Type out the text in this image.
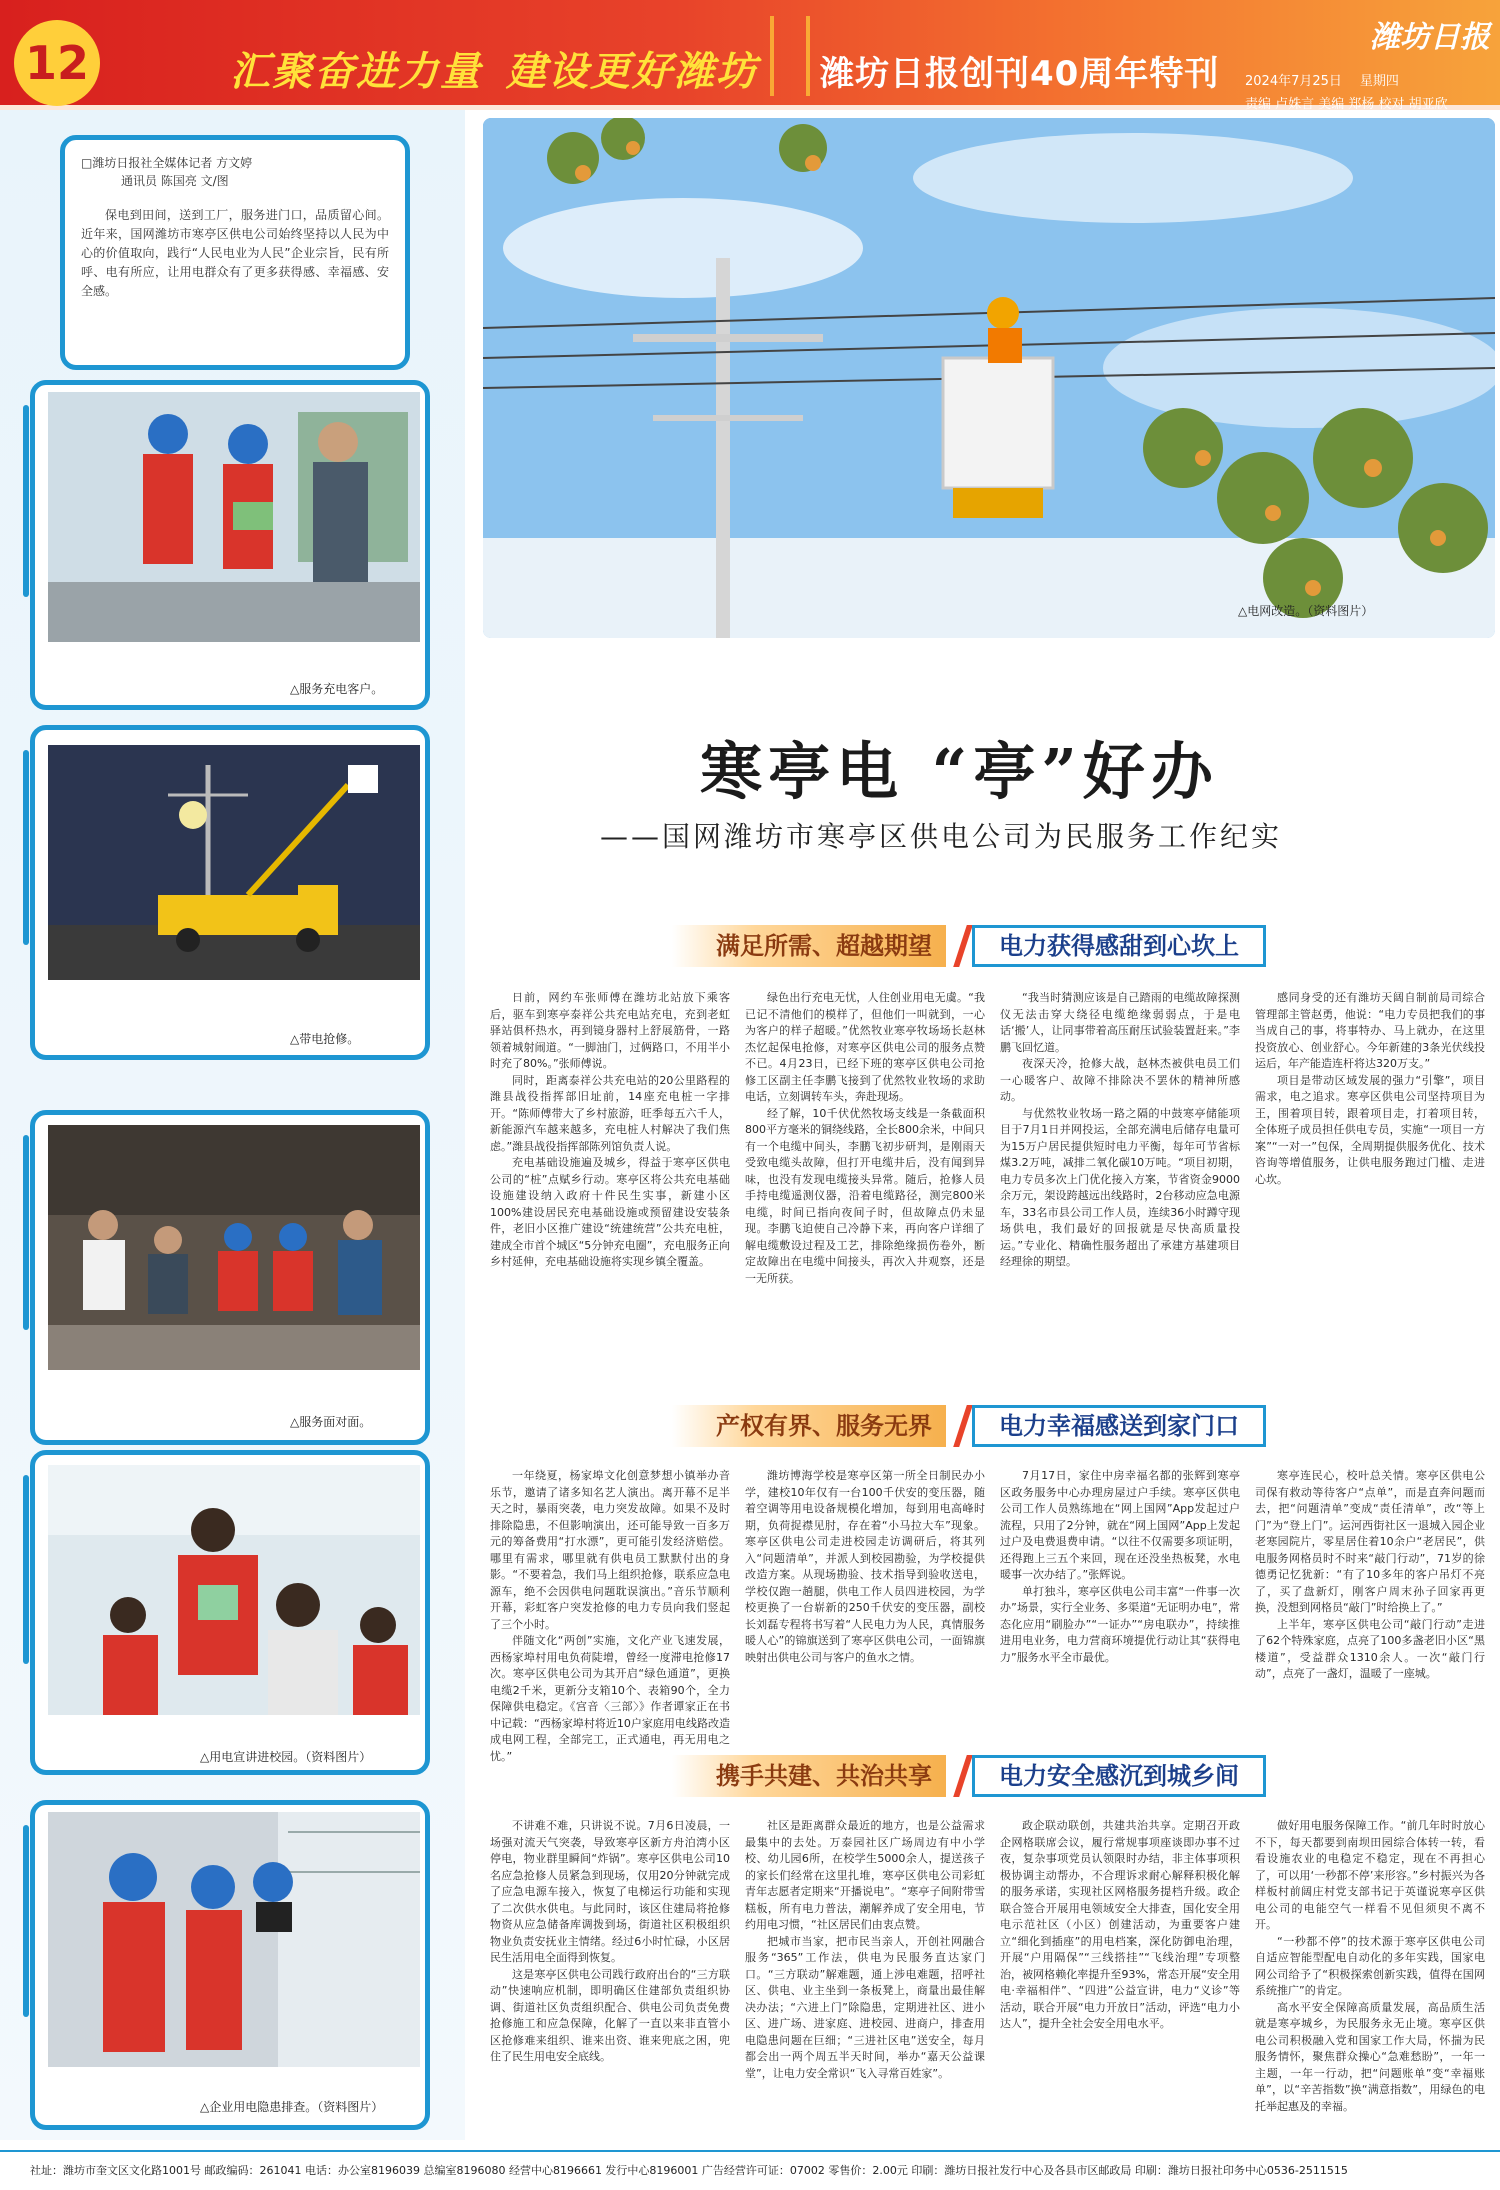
12	汇聚奋进力量 建设更好潍坊 潍坊日报创刊40周年特刊
潍坊日报
2024年7月25日 星期四
责编 卢姝言 美编 郑杨 校对 胡亚欣
□潍坊日报社全媒体记者 方文婷
通讯员 陈国亮 文/图
保电到田间，送到工厂，服务进门口，品质留心间。近年来，国网潍坊市寒亭区供电公司始终坚持以人民为中心的价值取向，践行“人民电业为人民”企业宗旨，民有所呼、电有所应，让用电群众有了更多获得感、幸福感、安全感。
△服务充电客户。
△带电抢修。
△服务面对面。
△用电宣讲进校园。（资料图片）
△企业用电隐患排查。（资料图片）
△电网改造。（资料图片）
寒亭电 “亭”好办
——国网潍坊市寒亭区供电公司为民服务工作纪实
满足所需、超越期望	电力获得感甜到心坎上

日前，网约车张师傅在潍坊北站放下乘客后，驱车到寒亭泰祥公共充电站充电，充到老虹驿站俱杯热水，再到镜身器村上舒展筋骨，一路领着城射闹道。“一脚油门，过俩路口，不用半小时充了80%。”张师傅说。

同时，距离泰祥公共充电站的20公里路程的潍县战役指挥部旧址前，14座充电桩一字排开。“陈师傅带大了乡村旅游，旺季每五六千人，新能源汽车越来越多，充电桩人村解决了我们焦虑。”潍县战役指挥部陈列馆负责人说。

充电基础设施遍及城乡，得益于寒亭区供电公司的“桩”点赋乡行动。寒亭区将公共充电基础设施建设纳入政府十件民生实事，新建小区100%建设居民充电基础设施或预留建设安装条件，老旧小区推广建设“统建统营”公共充电桩，建成全市首个城区“5分钟充电圈”，充电服务正向乡村延伸，充电基础设施将实现乡镇全覆盖。

绿色出行充电无忧，人住创业用电无虞。“我已记不清他们的模样了，但他们一叫就到，一心为客户的样子超暖。”优然牧业寒亭牧场场长赵林杰忆起保电抢修，对寒亭区供电公司的服务点赞不已。4月23日，已经下班的寒亭区供电公司抢修工区副主任李鹏飞接到了优然牧业牧场的求助电话，立刻调转车头，奔赴现场。

经了解，10千伏优然牧场支线是一条截面积800平方毫米的铜绕线路，全长800余米，中间只有一个电缆中间头，李鹏飞初步研判，是刚雨天受致电缆头故障，但打开电缆井后，没有闻到异味，也没有发现电缆接头异常。随后，抢修人员手持电缆遥测仪器，沿着电缆路径，测完800米电缆，时间已指向夜间子时，但故障点仍未显现。李鹏飞迫使自己冷静下来，再向客户详细了解电缆敷设过程及工艺，排除绝缘损伤卷外，断定故障出在电缆中间接头，再次入井观察，还是一无所获。

“我当时猜测应该是自己踏雨的电缆故障探测仪无法击穿大绕径电缆绝缘弱弱点，于是电话‘搬’人，让同事带着高压耐压试验装置赶来。”李鹏飞回忆道。

夜深天冷，抢修大战，赵林杰被供电员工们一心暖客户、故障不排除决不罢休的精神所感动。

与优然牧业牧场一路之隔的中鼓寒亭储能项目于7月1日并网投运，全部充满电后储存电量可为15万户居民提供短时电力平衡，每年可节省标煤3.2万吨，减排二氧化碳10万吨。“项目初期，电力专员多次上门优化接入方案，节省资金9000余万元，架设跨越远出线路时，2台移动应急电源车，33名市县公司工作人员，连续36小时蹲守现场供电，我们最好的回报就是尽快高质量投运。”专业化、精确性服务超出了承建方基建项目经理徐的期望。

感同身受的还有潍坊天阔自制前局司综合管理部主管赵勇，他说：“电力专员把我们的事当成自己的事，将事特办、马上就办，在这里投资放心、创业舒心。今年新建的3条光伏线投运后，年产能造连杆将达320万支。”

项目是带动区域发展的强力“引擎”，项目需求，电之追求。寒亭区供电公司坚持项目为王，围着项目转，跟着项目走，打着项目转，全体班子成员担任供电专员，实施“一项目一方案”“一对一”包保，全周期提供服务优化、技术咨询等增值服务，让供电服务跑过门槛、走进心坎。

产权有界、服务无界	电力幸福感送到家门口

一年绕夏，杨家埠文化创意梦想小镇举办音乐节，邀请了诸多知名艺人演出。离开幕不足半天之时，暴雨突袭，电力突发故障。如果不及时排除隐患，不但影响演出，还可能导致一百多万元的筹备费用“打水漂”，更可能引发经济赔偿。哪里有需求，哪里就有供电员工默默付出的身影。“不要着急，我们马上组织抢修，联系应急电源车，绝不会因供电问题耽误演出。”音乐节顺利开幕，彩虹客户突发抢修的电力专员向我们竖起了三个小时。

伴随文化“两创”实施，文化产业飞速发展，西杨家埠村用电负荷陡增，曾经一度滞电抢修17次。寒亭区供电公司为其开启“绿色通道”，更换电缆2千米，更新分支箱10个、表箱90个，全力保障供电稳定。《宫音〈三部〉》作者谭家正在书中记载：“西杨家埠村将近10户家庭用电线路改造成电网工程，全部完工，正式通电，再无用电之忧。”

潍坊博海学校是寒亭区第一所全日制民办小学，建校10年仅有一台100千伏安的变压器，随着空调等用电设备规模化增加，每到用电高峰时期，负荷捉襟见肘，存在着“小马拉大车”现象。寒亭区供电公司走进校园走访调研后，将其列入“问题清单”，并派人到校园勘验，为学校提供改造方案。从现场勘验、技术指导到验收送电，学校仅跑一趟腿，供电工作人员四进校园，为学校更换了一台崭新的250千伏安的变压器，副校长刘磊专程将书写着“人民电力为人民，真情服务暖人心”的锦旗送到了寒亭区供电公司，一面锦旗映射出供电公司与客户的鱼水之情。

7月17日，家住中房幸福名都的张辉到寒亭区政务服务中心办理房屋过户手续。寒亭区供电公司工作人员熟练地在“网上国网”App发起过户流程，只用了2分钟，就在“网上国网”App上发起过户及电费退费申请。“以往不仅需要多项证明，还得跑上三五个来回，现在还没坐热板凳，水电暖事一次办结了。”张辉说。

单打独斗，寒亭区供电公司丰富“一件事一次办”场景，实行全业务、多渠道“无证明办电”，常态化应用“刷脸办”“一证办”“房电联办”，持续推进用电业务，电力营商环境提优行动让其“获得电力”服务水平全市最优。

寒亭连民心，校叶总关情。寒亭区供电公司保有救动等待客户“点单”，而是直奔问题而去，把“问题清单”变成“责任清单”，改“等上门”为“登上门”。运河西街社区一退城入园企业老寒园院片，零星居住着10余户“老居民”，供电服务网格员时不时来“敲门行动”，71岁的徐德勇记忆犹新：“有了10多年的客户吊灯不亮了，买了盘新灯，刚客户周末孙子回家再更换，没想到网格员“敲门”时给换上了。”

上半年，寒亭区供电公司“敲门行动”走进了62个特殊家庭，点亮了100多盏老旧小区“黑楼道”，受益群众1310余人。一次“敲门行动”，点亮了一盏灯，温暖了一座城。

携手共建、共治共享	电力安全感沉到城乡间

不讲难不难，只讲说不说。7月6日凌晨，一场强对流天气突袭，导致寒亭区新方舟泊湾小区停电，物业群里瞬间“炸锅”。寒亭区供电公司10名应急抢修人员紧急到现场，仅用20分钟就完成了应急电源车接入，恢复了电梯运行功能和实现了二次供水供电。与此同时，该区住建局将抢修物资从应急储备库调拨到场，街道社区积极组织物业负责安抚业主情绪。经过6小时忙碌，小区居民生活用电全面得到恢复。

这是寒亭区供电公司践行政府出台的“三方联动”快速响应机制，即明确区住建部负责组织协调、街道社区负责组织配合、供电公司负责免费抢修施工和应急保障，化解了一直以来非直管小区抢修难来组织、谁来出资、谁来兜底之困，兜住了民生用电安全底线。

社区是距离群众最近的地方，也是公益需求最集中的去处。万泰园社区广场周边有中小学校、幼儿园6所，在校学生5000余人，提送孩子的家长们经常在这里扎堆，寒亭区供电公司彩虹青年志愿者定期来“开播说电”。“寒亭子间附带雪糕板，所有电力普法，潮解养成了安全用电，节约用电习惯，“社区居民们由衷点赞。

把城市当家，把市民当亲人，开创社网融合服务“365”工作法，供电为民服务直达家门口。“三方联动”解难题，通上涉电难题，招呼社区、供电、业主坐到一条板凳上，商量出最佳解决办法；“六进上门”除隐患，定期进社区、进小区、进广场、进家庭、进校园、进商户，排查用电隐患问题在巨细；“三进社区电”送安全，每月都会出一两个周五半天时间，举办“嘉天公益课堂”，让电力安全常识“飞入寻常百姓家”。

政企联动联创，共建共治共享。定期召开政企网格联席会议，履行常规事项座谈即办事不过夜，复杂事项党员认领限时办结，非主体事项积极协调主动帮办，不合理诉求耐心解释积极化解的服务承诺，实现社区网格服务提档升级。政企联合签合开展用电领域安全大排查，国化安全用电示范社区（小区）创建活动，为重要客户建立“细化到插座”的用电档案，深化防御电治理，开展“户用隔保”“三线搭挂”“飞线治理”专项整治，被网格赖化率提升至93%，常态开展“安全用电·幸福相伴”、“四进”公益宣讲，电力“义诊”等活动，联合开展“电力开放日”活动，评选“电力小达人”，提升全社会安全用电水平。

做好用电服务保障工作。“前几年时时放心不下，每天都要到南坝田园综合体转一转，看看设施农业的电稳定不稳定，现在不再担心了，可以用‘一秒都不停’来形容。”乡村振兴为各样板村前阔庄村党支部书记于英谨说寒亭区供电公司的电能空气一样看不见但须臾不离不开。

“一秒都不停”的技术源于寒亭区供电公司自适应智能型配电自动化的多年实践，国家电网公司给予了“积极探索创新实践，值得在国网系统推广”的肯定。

高水平安全保障高质量发展，高品质生活就是寒亭城乡，为民服务永无止境。寒亭区供电公司积极融入党和国家工作大局，怀揣为民服务情怀，聚焦群众操心“急难愁盼”，一年一主题，一年一行动，把“问题账单”变“幸福账单”，以“辛苦指数”换“满意指数”，用绿色的电托举起惠及的幸福。

社址：潍坊市奎文区文化路1001号 邮政编码：261041 电话：办公室8196039 总编室8196080 经营中心8196661 发行中心8196001 广告经营许可证：07002 零售价：2.00元 印刷：潍坊日报社发行中心及各县市区邮政局 印刷：潍坊日报社印务中心0536-2511515
